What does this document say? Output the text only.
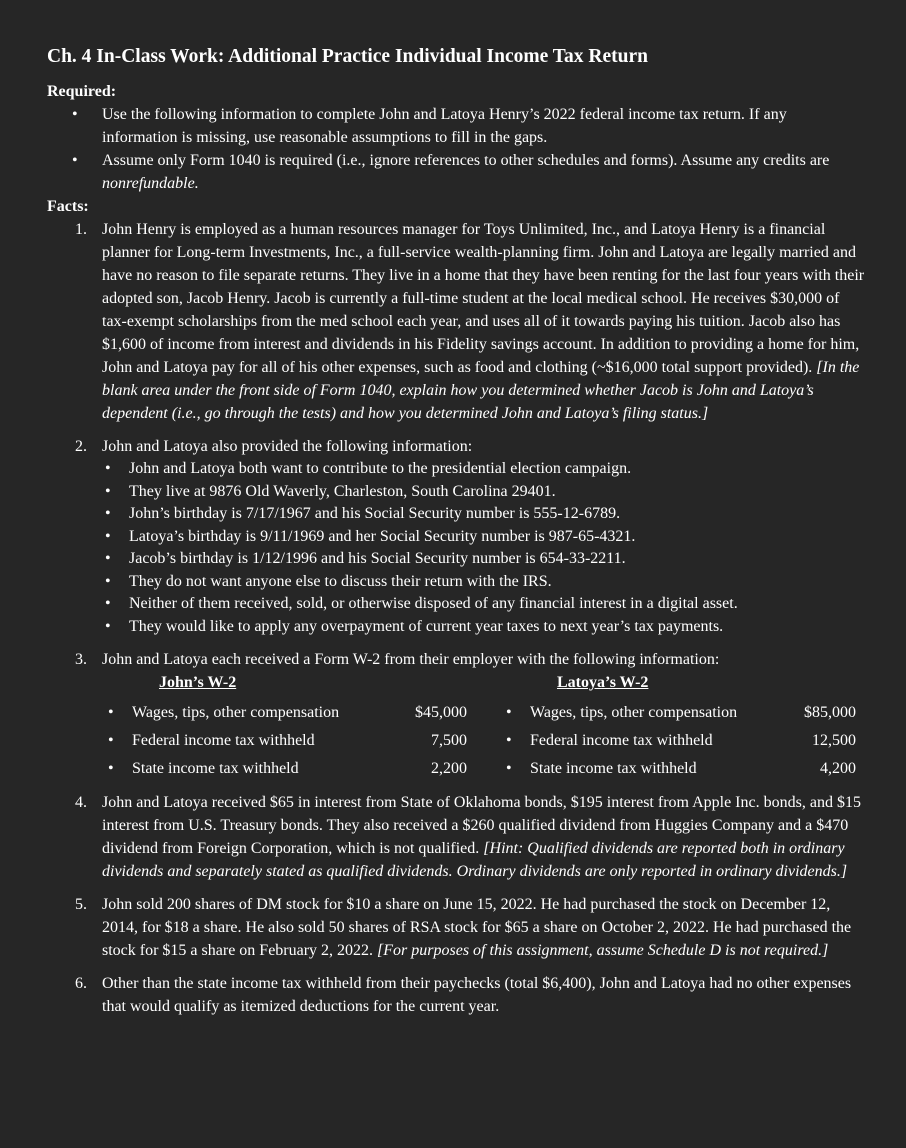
Ch. 4 In-Class Work: Additional Practice Individual Income Tax Return

Required:

• Use the following information to complete John and Latoya Henry’s 2022 federal income tax return. If any information is missing, use reasonable assumptions to fill in the gaps.
• Assume only Form 1040 is required (i.e., ignore references to other schedules and forms). Assume any credits are nonrefundable.

Facts:

1. John Henry is employed as a human resources manager for Toys Unlimited, Inc., and Latoya Henry is a financial planner for Long-term Investments, Inc., a full-service wealth-planning firm. John and Latoya are legally married and have no reason to file separate returns. They live in a home that they have been renting for the last four years with their adopted son, Jacob Henry. Jacob is currently a full-time student at the local medical school. He receives $30,000 of tax-exempt scholarships from the med school each year, and uses all of it towards paying his tuition. Jacob also has $1,600 of income from interest and dividends in his Fidelity savings account. In addition to providing a home for him, John and Latoya pay for all of his other expenses, such as food and clothing (~$16,000 total support provided). [In the blank area under the front side of Form 1040, explain how you determined whether Jacob is John and Latoya’s dependent (i.e., go through the tests) and how you determined John and Latoya’s filing status.]
2. John and Latoya also provided the following information:
• John and Latoya both want to contribute to the presidential election campaign.
• They live at 9876 Old Waverly, Charleston, South Carolina 29401.
• John’s birthday is 7/17/1967 and his Social Security number is 555-12-6789.
• Latoya’s birthday is 9/11/1969 and her Social Security number is 987-65-4321.
• Jacob’s birthday is 1/12/1996 and his Social Security number is 654-33-2211.
• They do not want anyone else to discuss their return with the IRS.
• Neither of them received, sold, or otherwise disposed of any financial interest in a digital asset.
• They would like to apply any overpayment of current year taxes to next year’s tax payments.
3. John and Latoya each received a Form W-2 from their employer with the following information:
John’s W-2	Latoya’s W-2
• Wages, tips, other compensation	$45,000
• Federal income tax withheld	7,500
• State income tax withheld	2,200
• Wages, tips, other compensation	$85,000
• Federal income tax withheld	12,500
• State income tax withheld	4,200
4. John and Latoya received $65 in interest from State of Oklahoma bonds, $195 interest from Apple Inc. bonds, and $15 interest from U.S. Treasury bonds. They also received a $260 qualified dividend from Huggies Company and a $470 dividend from Foreign Corporation, which is not qualified. [Hint: Qualified dividends are reported both in ordinary dividends and separately stated as qualified dividends. Ordinary dividends are only reported in ordinary dividends.]
5. John sold 200 shares of DM stock for $10 a share on June 15, 2022. He had purchased the stock on December 12, 2014, for $18 a share. He also sold 50 shares of RSA stock for $65 a share on October 2, 2022. He had purchased the stock for $15 a share on February 2, 2022. [For purposes of this assignment, assume Schedule D is not required.]
6. Other than the state income tax withheld from their paychecks (total $6,400), John and Latoya had no other expenses that would qualify as itemized deductions for the current year.
